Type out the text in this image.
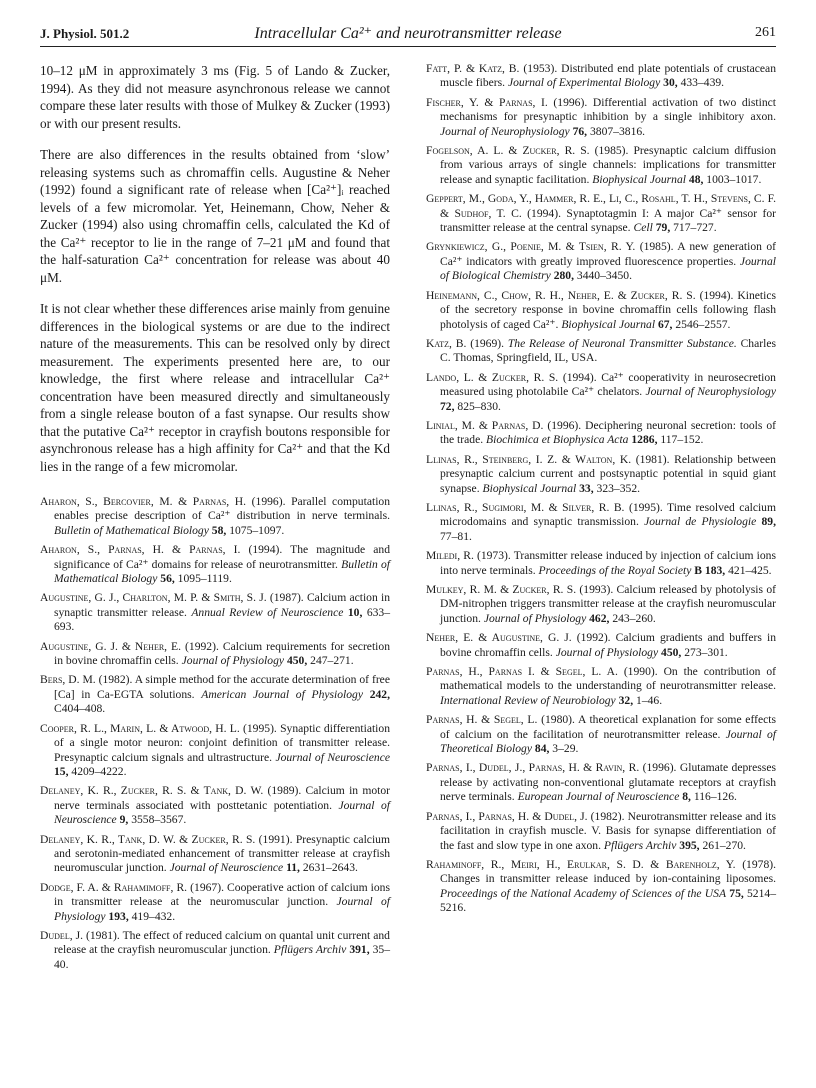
J. Physiol. 501.2	Intracellular Ca²⁺ and neurotransmitter release	261

10–12 μM in approximately 3 ms (Fig. 5 of Lando & Zucker, 1994). As they did not measure asynchronous release we cannot compare these later results with those of Mulkey & Zucker (1993) or with our present results.

There are also differences in the results obtained from ‘slow’ releasing systems such as chromaffin cells. Augustine & Neher (1992) found a significant rate of release when [Ca²⁺]ᵢ reached levels of a few micromolar. Yet, Heinemann, Chow, Neher & Zucker (1994) also using chromaffin cells, calculated the Kd of the Ca²⁺ receptor to lie in the range of 7–21 μM and found that the half-saturation Ca²⁺ concentration for release was about 40 μM.

It is not clear whether these differences arise mainly from genuine differences in the biological systems or are due to the indirect nature of the measurements. This can be resolved only by direct measurement. The experiments presented here are, to our knowledge, the first where release and intracellular Ca²⁺ concentration have been measured directly and simultaneously from a single release bouton of a fast synapse. Our results show that the putative Ca²⁺ receptor in crayfish boutons responsible for asynchronous release has a high affinity for Ca²⁺ and that the Kd lies in the range of a few micromolar.

Aharon, S., Bercovier, M. & Parnas, H. (1996). Parallel computation enables precise description of Ca²⁺ distribution in nerve terminals. Bulletin of Mathematical Biology 58, 1075–1097.

Aharon, S., Parnas, H. & Parnas, I. (1994). The magnitude and significance of Ca²⁺ domains for release of neurotransmitter. Bulletin of Mathematical Biology 56, 1095–1119.

Augustine, G. J., Charlton, M. P. & Smith, S. J. (1987). Calcium action in synaptic transmitter release. Annual Review of Neuroscience 10, 633–693.

Augustine, G. J. & Neher, E. (1992). Calcium requirements for secretion in bovine chromaffin cells. Journal of Physiology 450, 247–271.

Bers, D. M. (1982). A simple method for the accurate determination of free [Ca] in Ca-EGTA solutions. American Journal of Physiology 242, C404–408.

Cooper, R. L., Marin, L. & Atwood, H. L. (1995). Synaptic differentiation of a single motor neuron: conjoint definition of transmitter release. Presynaptic calcium signals and ultrastructure. Journal of Neuroscience 15, 4209–4222.

Delaney, K. R., Zucker, R. S. & Tank, D. W. (1989). Calcium in motor nerve terminals associated with posttetanic potentiation. Journal of Neuroscience 9, 3558–3567.

Delaney, K. R., Tank, D. W. & Zucker, R. S. (1991). Presynaptic calcium and serotonin-mediated enhancement of transmitter release at crayfish neuromuscular junction. Journal of Neuroscience 11, 2631–2643.

Dodge, F. A. & Rahamimoff, R. (1967). Cooperative action of calcium ions in transmitter release at the neuromuscular junction. Journal of Physiology 193, 419–432.

Dudel, J. (1981). The effect of reduced calcium on quantal unit current and release at the crayfish neuromuscular junction. Pflügers Archiv 391, 35–40.

Fatt, P. & Katz, B. (1953). Distributed end plate potentials of crustacean muscle fibers. Journal of Experimental Biology 30, 433–439.

Fischer, Y. & Parnas, I. (1996). Differential activation of two distinct mechanisms for presynaptic inhibition by a single inhibitory axon. Journal of Neurophysiology 76, 3807–3816.

Fogelson, A. L. & Zucker, R. S. (1985). Presynaptic calcium diffusion from various arrays of single channels: implications for transmitter release and synaptic facilitation. Biophysical Journal 48, 1003–1017.

Geppert, M., Goda, Y., Hammer, R. E., Li, C., Rosahl, T. H., Stevens, C. F. & Sudhof, T. C. (1994). Synaptotagmin I: A major Ca²⁺ sensor for transmitter release at the central synapse. Cell 79, 717–727.

Grynkiewicz, G., Poenie, M. & Tsien, R. Y. (1985). A new generation of Ca²⁺ indicators with greatly improved fluorescence properties. Journal of Biological Chemistry 280, 3440–3450.

Heinemann, C., Chow, R. H., Neher, E. & Zucker, R. S. (1994). Kinetics of the secretory response in bovine chromaffin cells following flash photolysis of caged Ca²⁺. Biophysical Journal 67, 2546–2557.

Katz, B. (1969). The Release of Neuronal Transmitter Substance. Charles C. Thomas, Springfield, IL, USA.

Lando, L. & Zucker, R. S. (1994). Ca²⁺ cooperativity in neurosecretion measured using photolabile Ca²⁺ chelators. Journal of Neurophysiology 72, 825–830.

Linial, M. & Parnas, D. (1996). Deciphering neuronal secretion: tools of the trade. Biochimica et Biophysica Acta 1286, 117–152.

Llinas, R., Steinberg, I. Z. & Walton, K. (1981). Relationship between presynaptic calcium current and postsynaptic potential in squid giant synapse. Biophysical Journal 33, 323–352.

Llinas, R., Sugimori, M. & Silver, R. B. (1995). Time resolved calcium microdomains and synaptic transmission. Journal de Physiologie 89, 77–81.

Miledi, R. (1973). Transmitter release induced by injection of calcium ions into nerve terminals. Proceedings of the Royal Society B 183, 421–425.

Mulkey, R. M. & Zucker, R. S. (1993). Calcium released by photolysis of DM-nitrophen triggers transmitter release at the crayfish neuromuscular junction. Journal of Physiology 462, 243–260.

Neher, E. & Augustine, G. J. (1992). Calcium gradients and buffers in bovine chromaffin cells. Journal of Physiology 450, 273–301.

Parnas, H., Parnas I. & Segel, L. A. (1990). On the contribution of mathematical models to the understanding of neurotransmitter release. International Review of Neurobiology 32, 1–46.

Parnas, H. & Segel, L. (1980). A theoretical explanation for some effects of calcium on the facilitation of neurotransmitter release. Journal of Theoretical Biology 84, 3–29.

Parnas, I., Dudel, J., Parnas, H. & Ravin, R. (1996). Glutamate depresses release by activating non-conventional glutamate receptors at crayfish nerve terminals. European Journal of Neuroscience 8, 116–126.

Parnas, I., Parnas, H. & Dudel, J. (1982). Neurotransmitter release and its facilitation in crayfish muscle. V. Basis for synapse differentiation of the fast and slow type in one axon. Pflügers Archiv 395, 261–270.

Rahaminoff, R., Meiri, H., Erulkar, S. D. & Barenholz, Y. (1978). Changes in transmitter release induced by ion-containing liposomes. Proceedings of the National Academy of Sciences of the USA 75, 5214–5216.
